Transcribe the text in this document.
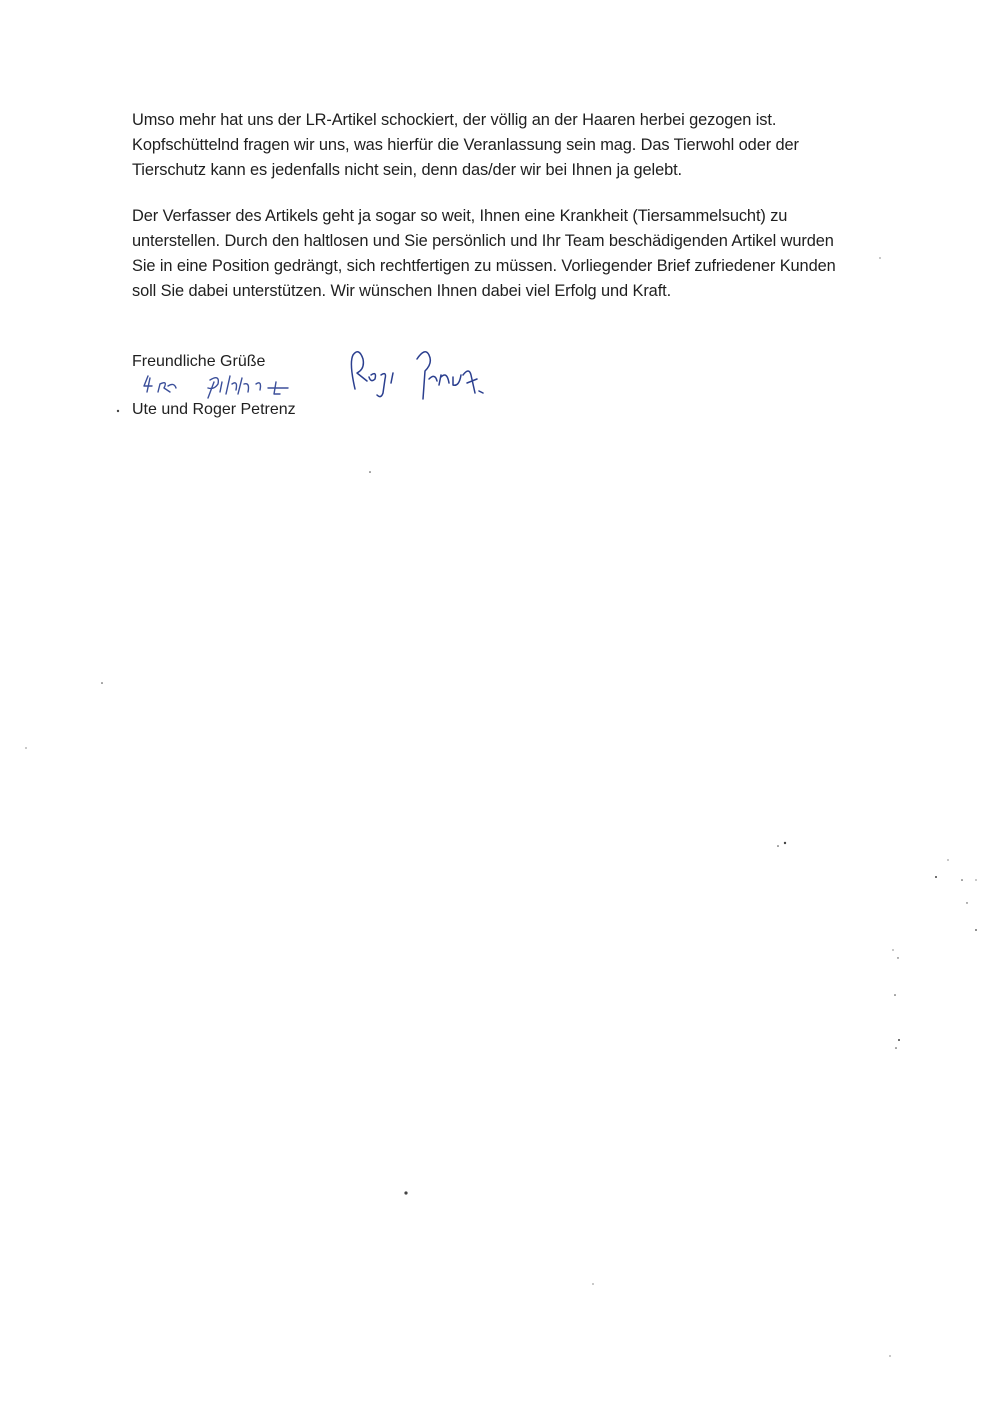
Umso mehr hat uns der LR-Artikel schockiert, der völlig an der Haaren herbei gezogen ist.
Kopfschüttelnd fragen wir uns, was hierfür die Veranlassung sein mag. Das Tierwohl oder der
Tierschutz kann es jedenfalls nicht sein, denn das/der wir bei Ihnen ja gelebt.

Der Verfasser des Artikels geht ja sogar so weit, Ihnen eine Krankheit (Tiersammelsucht) zu
unterstellen. Durch den haltlosen und Sie persönlich und Ihr Team beschädigenden Artikel wurden
Sie in eine Position gedrängt, sich rechtfertigen zu müssen. Vorliegender Brief zufriedener Kunden
soll Sie dabei unterstützen. Wir wünschen Ihnen dabei viel Erfolg und Kraft.

Freundliche Grüße
Ute und Roger Petrenz
